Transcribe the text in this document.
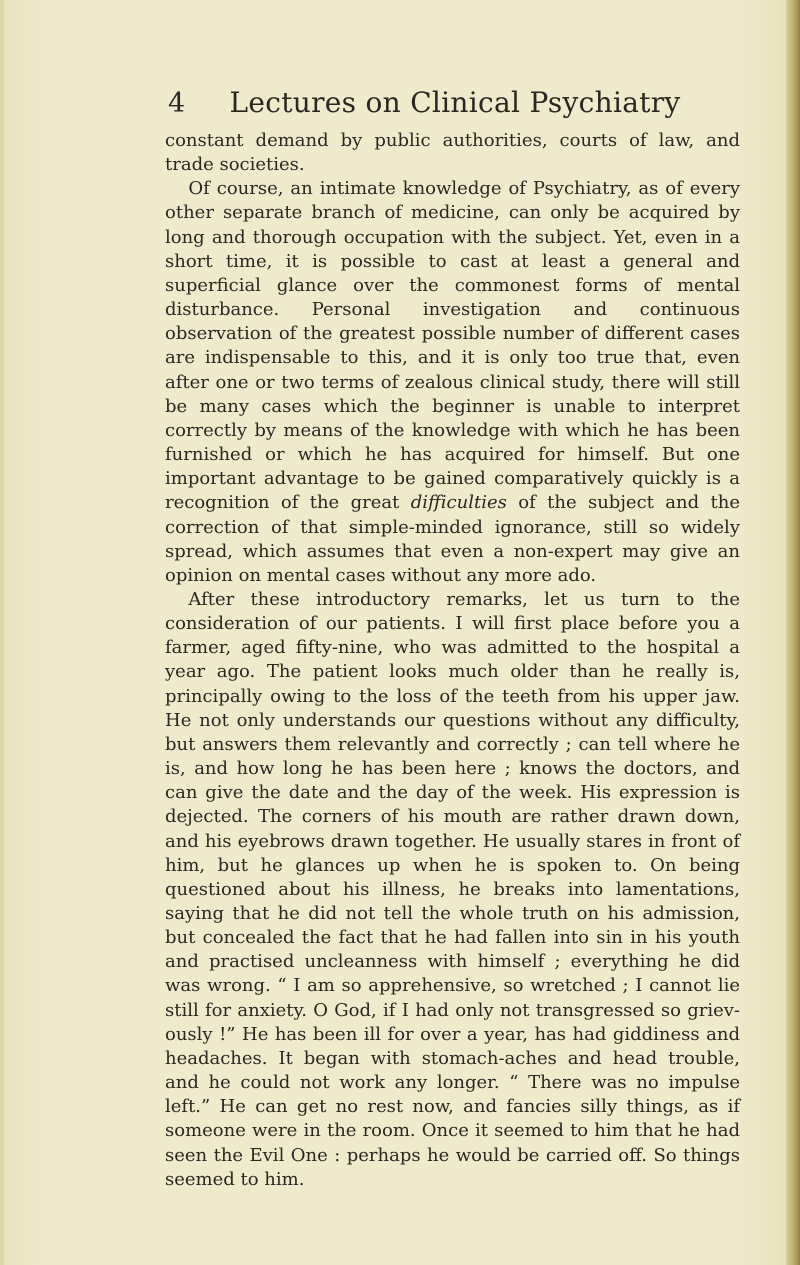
4	Lectures on Clinical Psychiatry

constant demand by public authorities, courts of law, and trade societies.

Of course, an intimate knowledge of Psychiatry, as of every other separate branch of medicine, can only be acquired by long and thorough occupation with the subject. Yet, even in a short time, it is possible to cast at least a general and superficial glance over the commonest forms of mental disturbance. Personal investigation and continuous observation of the greatest possible number of different cases are indispensable to this, and it is only too true that, even after one or two terms of zealous clinical study, there will still be many cases which the beginner is unable to interpret correctly by means of the knowledge with which he has been furnished or which he has acquired for himself. But one important advantage to be gained comparatively quickly is a recognition of the great difficulties of the subject and the correction of that simple-minded ignorance, still so widely spread, which assumes that even a non-expert may give an opinion on mental cases without any more ado.

After these introductory remarks, let us turn to the consideration of our patients. I will first place before you a farmer, aged fifty-nine, who was admitted to the hospital a year ago. The patient looks much older than he really is, principally owing to the loss of the teeth from his upper jaw. He not only understands our questions without any difficulty, but answers them relevantly and correctly ; can tell where he is, and how long he has been here ; knows the doctors, and can give the date and the day of the week. His expression is dejected. The corners of his mouth are rather drawn down, and his eyebrows drawn together. He usually stares in front of him, but he glances up when he is spoken to. On being questioned about his illness, he breaks into lamentations, saying that he did not tell the whole truth on his admission, but concealed the fact that he had fallen into sin in his youth and practised uncleanness with himself ; everything he did was wrong. “ I am so apprehensive, so wretched ; I cannot lie still for anxiety. O God, if I had only not transgressed so grievously !” He has been ill for over a year, has had giddiness and headaches. It began with stomach-aches and head trouble, and he could not work any longer. “ There was no impulse left.” He can get no rest now, and fancies silly things, as if someone were in the room. Once it seemed to him that he had seen the Evil One : perhaps he would be carried off. So things seemed to him.
